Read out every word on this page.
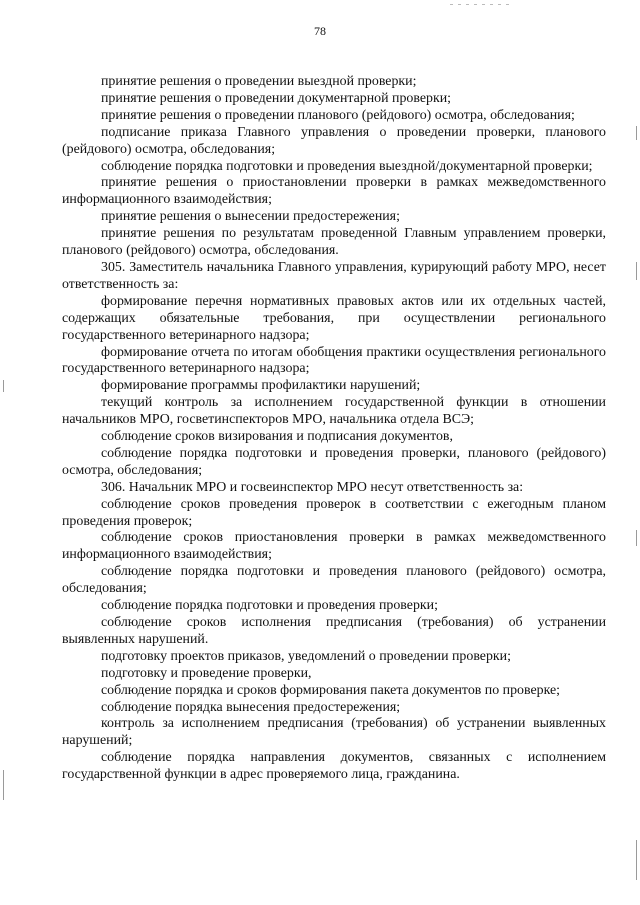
78

принятие решения о проведении выездной проверки;

принятие решения о проведении документарной проверки;

принятие решения о проведении планового (рейдового) осмотра, обследования;

подписание приказа Главного управления о проведении проверки, планового (рейдового) осмотра, обследования;

соблюдение порядка подготовки и проведения выездной/документарной проверки;

принятие решения о приостановлении проверки в рамках межведомственного информационного взаимодействия;

принятие решения о вынесении предостережения;

принятие решения по результатам проведенной Главным управлением проверки, планового (рейдового) осмотра, обследования.

305. Заместитель начальника Главного управления, курирующий работу МРО, несет ответственность за:

формирование перечня нормативных правовых актов или их отдельных частей, содержащих обязательные требования, при осуществлении регионального государственного ветеринарного надзора;

формирование отчета по итогам обобщения практики осуществления регионального государственного ветеринарного надзора;

формирование программы профилактики нарушений;

текущий контроль за исполнением государственной функции в отношении начальников МРО, госветинспекторов МРО, начальника отдела ВСЭ;

соблюдение сроков визирования и подписания документов,

соблюдение порядка подготовки и проведения проверки, планового (рейдового) осмотра, обследования;

306. Начальник МРО и госвеинспектор МРО несут ответственность за:

соблюдение сроков проведения проверок в соответствии с ежегодным планом проведения проверок;

соблюдение сроков приостановления проверки в рамках межведомственного информационного взаимодействия;

соблюдение порядка подготовки и проведения планового (рейдового) осмотра, обследования;

соблюдение порядка подготовки и проведения проверки;

соблюдение сроков исполнения предписания (требования) об устранении выявленных нарушений.

подготовку проектов приказов, уведомлений о проведении проверки;

подготовку и проведение проверки,

соблюдение порядка и сроков формирования пакета документов по проверке;

соблюдение порядка вынесения предостережения;

контроль за исполнением предписания (требования) об устранении выявленных нарушений;

соблюдение порядка направления документов, связанных с исполнением государственной функции в адрес проверяемого лица, гражданина.
